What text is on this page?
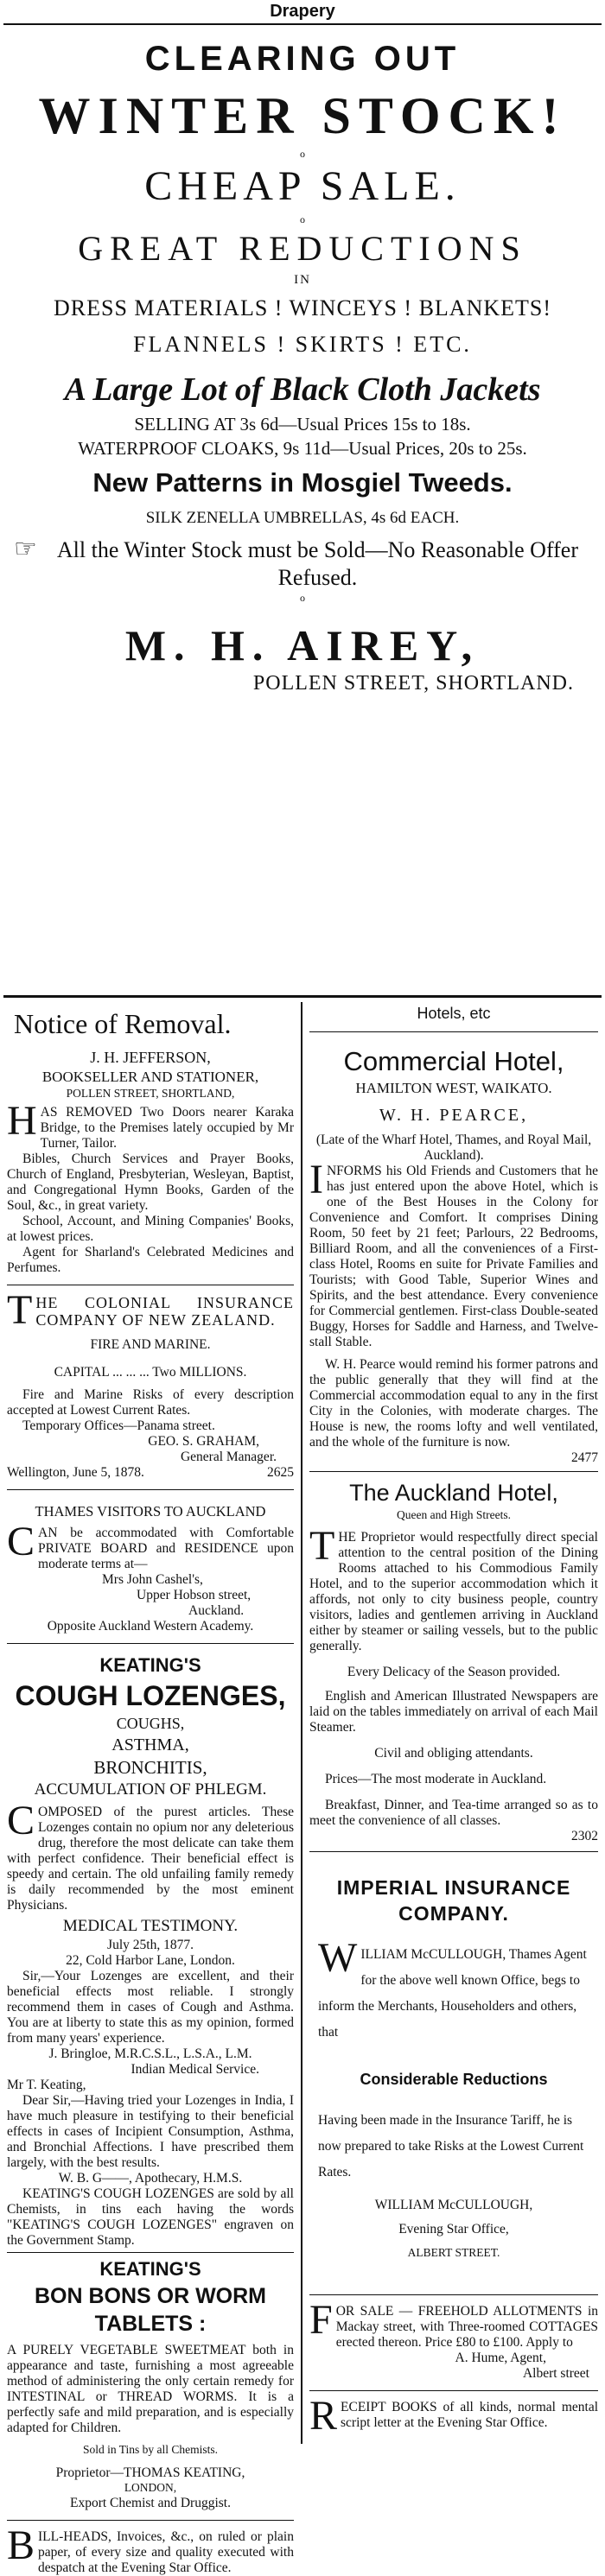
Drapery
CLEARING OUT
WINTER STOCK!
o
CHEAP SALE.
o
GREAT REDUCTIONS
IN
DRESS MATERIALS ! WINCEYS ! BLANKETS!
FLANNELS ! SKIRTS ! ETC.
A Large Lot of Black Cloth Jackets
SELLING AT 3s 6d—Usual Prices 15s to 18s.
WATERPROOF CLOAKS, 9s 11d—Usual Prices, 20s to 25s.
New Patterns in Mosgiel Tweeds.
SILK ZENELLA UMBRELLAS, 4s 6d EACH.
☞ All the Winter Stock must be Sold—No Reasonable Offer Refused.
o
M. H. AIREY,
POLLEN STREET, SHORTLAND.
Notice of Removal.
J. H. JEFFERSON,
BOOKSELLER AND STATIONER,
POLLEN STREET, SHORTLAND,
H AS REMOVED Two Doors nearer Karaka Bridge, to the Premises lately occupied by Mr Turner, Tailor.
Bibles, Church Services and Prayer Books, Church of England, Presbyterian, Wesleyan, Baptist, and Congregational Hymn Books, Garden of the Soul, &c., in great variety.
School, Account, and Mining Companies' Books, at lowest prices.
Agent for Sharland's Celebrated Medicines and Perfumes.
T HE COLONIAL INSURANCE COMPANY OF NEW ZEALAND.
FIRE AND MARINE.
CAPITAL ... ... ... Two MILLIONS.
Fire and Marine Risks of every description accepted at Lowest Current Rates.
Temporary Offices—Panama street.
GEO. S. GRAHAM,
General Manager.
Wellington, June 5, 1878.	2625
THAMES VISITORS TO AUCKLAND
C AN be accommodated with Comfortable PRIVATE BOARD and RESIDENCE upon moderate terms at—
Mrs John Cashel's,
Upper Hobson street,
Auckland.
Opposite Auckland Western Academy.
KEATING'S
COUGH LOZENGES,
COUGHS,
ASTHMA,
BRONCHITIS,
ACCUMULATION OF PHLEGM.
C OMPOSED of the purest articles. These Lozenges contain no opium nor any deleterious drug, therefore the most delicate can take them with perfect confidence. Their beneficial effect is speedy and certain. The old unfailing family remedy is daily recommended by the most eminent Physicians.
MEDICAL TESTIMONY.
July 25th, 1877.
22, Cold Harbor Lane, London.
Sir,—Your Lozenges are excellent, and their beneficial effects most reliable. I strongly recommend them in cases of Cough and Asthma. You are at liberty to state this as my opinion, formed from many years' experience.
J. Bringloe, M.R.C.S.L., L.S.A., L.M.
Indian Medical Service.
Mr T. Keating,
Dear Sir,—Having tried your Lozenges in India, I have much pleasure in testifying to their beneficial effects in cases of Incipient Consumption, Asthma, and Bronchial Affections. I have prescribed them largely, with the best results.
W. B. G——, Apothecary, H.M.S.
KEATING'S COUGH LOZENGES are sold by all Chemists, in tins each having the words "KEATING'S COUGH LOZENGES" engraven on the Government Stamp.
KEATING'S
BON BONS OR WORM TABLETS :
A PURELY VEGETABLE SWEETMEAT both in appearance and taste, furnishing a most agreeable method of administering the only certain remedy for INTESTINAL or THREAD WORMS. It is a perfectly safe and mild preparation, and is especially adapted for Children.
Sold in Tins by all Chemists.
Proprietor—THOMAS KEATING,
LONDON,
Export Chemist and Druggist.
B ILL-HEADS, Invoices, &c., on ruled or plain paper, of every size and quality executed with despatch at the Evening Star Office.
Hotels, etc
Commercial Hotel,
HAMILTON WEST, WAIKATO.
W. H. PEARCE,
(Late of the Wharf Hotel, Thames, and Royal Mail, Auckland).
I NFORMS his Old Friends and Customers that he has just entered upon the above Hotel, which is one of the Best Houses in the Colony for Convenience and Comfort. It comprises Dining Room, 50 feet by 21 feet; Parlours, 22 Bedrooms, Billiard Room, and all the conveniences of a First-class Hotel, Rooms en suite for Private Families and Tourists; with Good Table, Superior Wines and Spirits, and the best attendance. Every convenience for Commercial gentlemen. First-class Double-seated Buggy, Horses for Saddle and Harness, and Twelve-stall Stable.
W. H. Pearce would remind his former patrons and the public generally that they will find at the Commercial accommodation equal to any in the first City in the Colonies, with moderate charges. The House is new, the rooms lofty and well ventilated, and the whole of the furniture is now.
2477
The Auckland Hotel,
Queen and High Streets.
T HE Proprietor would respectfully direct special attention to the central position of the Dining Rooms attached to his Commodious Family Hotel, and to the superior accommodation which it affords, not only to city business people, country visitors, ladies and gentlemen arriving in Auckland either by steamer or sailing vessels, but to the public generally.
Every Delicacy of the Season provided.
English and American Illustrated Newspapers are laid on the tables immediately on arrival of each Mail Steamer.
Civil and obliging attendants.
Prices—The most moderate in Auckland.
Breakfast, Dinner, and Tea-time arranged so as to meet the convenience of all classes.
2302
IMPERIAL INSURANCE
COMPANY.
W ILLIAM McCULLOUGH, Thames Agent for the above well known Office, begs to inform the Merchants, Householders and others, that
Considerable Reductions
Having been made in the Insurance Tariff, he is now prepared to take Risks at the Lowest Current Rates.
WILLIAM McCULLOUGH,
Evening Star Office,
ALBERT STREET.
F OR SALE — FREEHOLD ALLOTMENTS in Mackay street, with Three-roomed COTTAGES erected thereon. Price £80 to £100. Apply to
A. Hume, Agent,
Albert street
R ECEIPT BOOKS of all kinds, normal mental script letter at the Evening Star Office.
